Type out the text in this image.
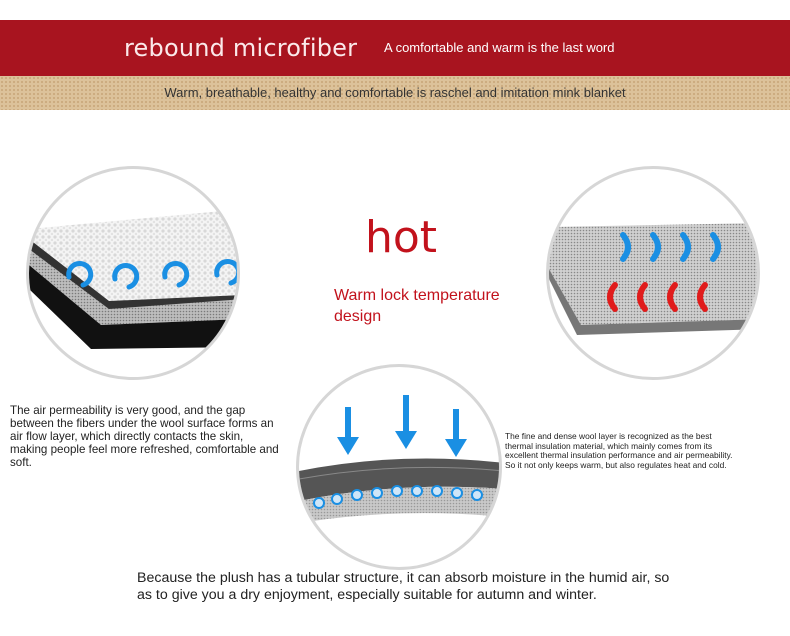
rebound microfiber A comfortable and warm is the last word
Warm, breathable, healthy and comfortable is raschel and imitation mink blanket
hot
Warm lock temperature design
The air permeability is very good, and the gap between the fibers under the wool surface forms an air flow layer, which directly contacts the skin, making people feel more refreshed, comfortable and soft.
The fine and dense wool layer is recognized as the best thermal insulation material, which mainly comes from its excellent thermal insulation performance and air permeability. So it not only keeps warm, but also regulates heat and cold.
Because the plush has a tubular structure, it can absorb moisture in the humid air, so as to give you a dry enjoyment, especially suitable for autumn and winter.
